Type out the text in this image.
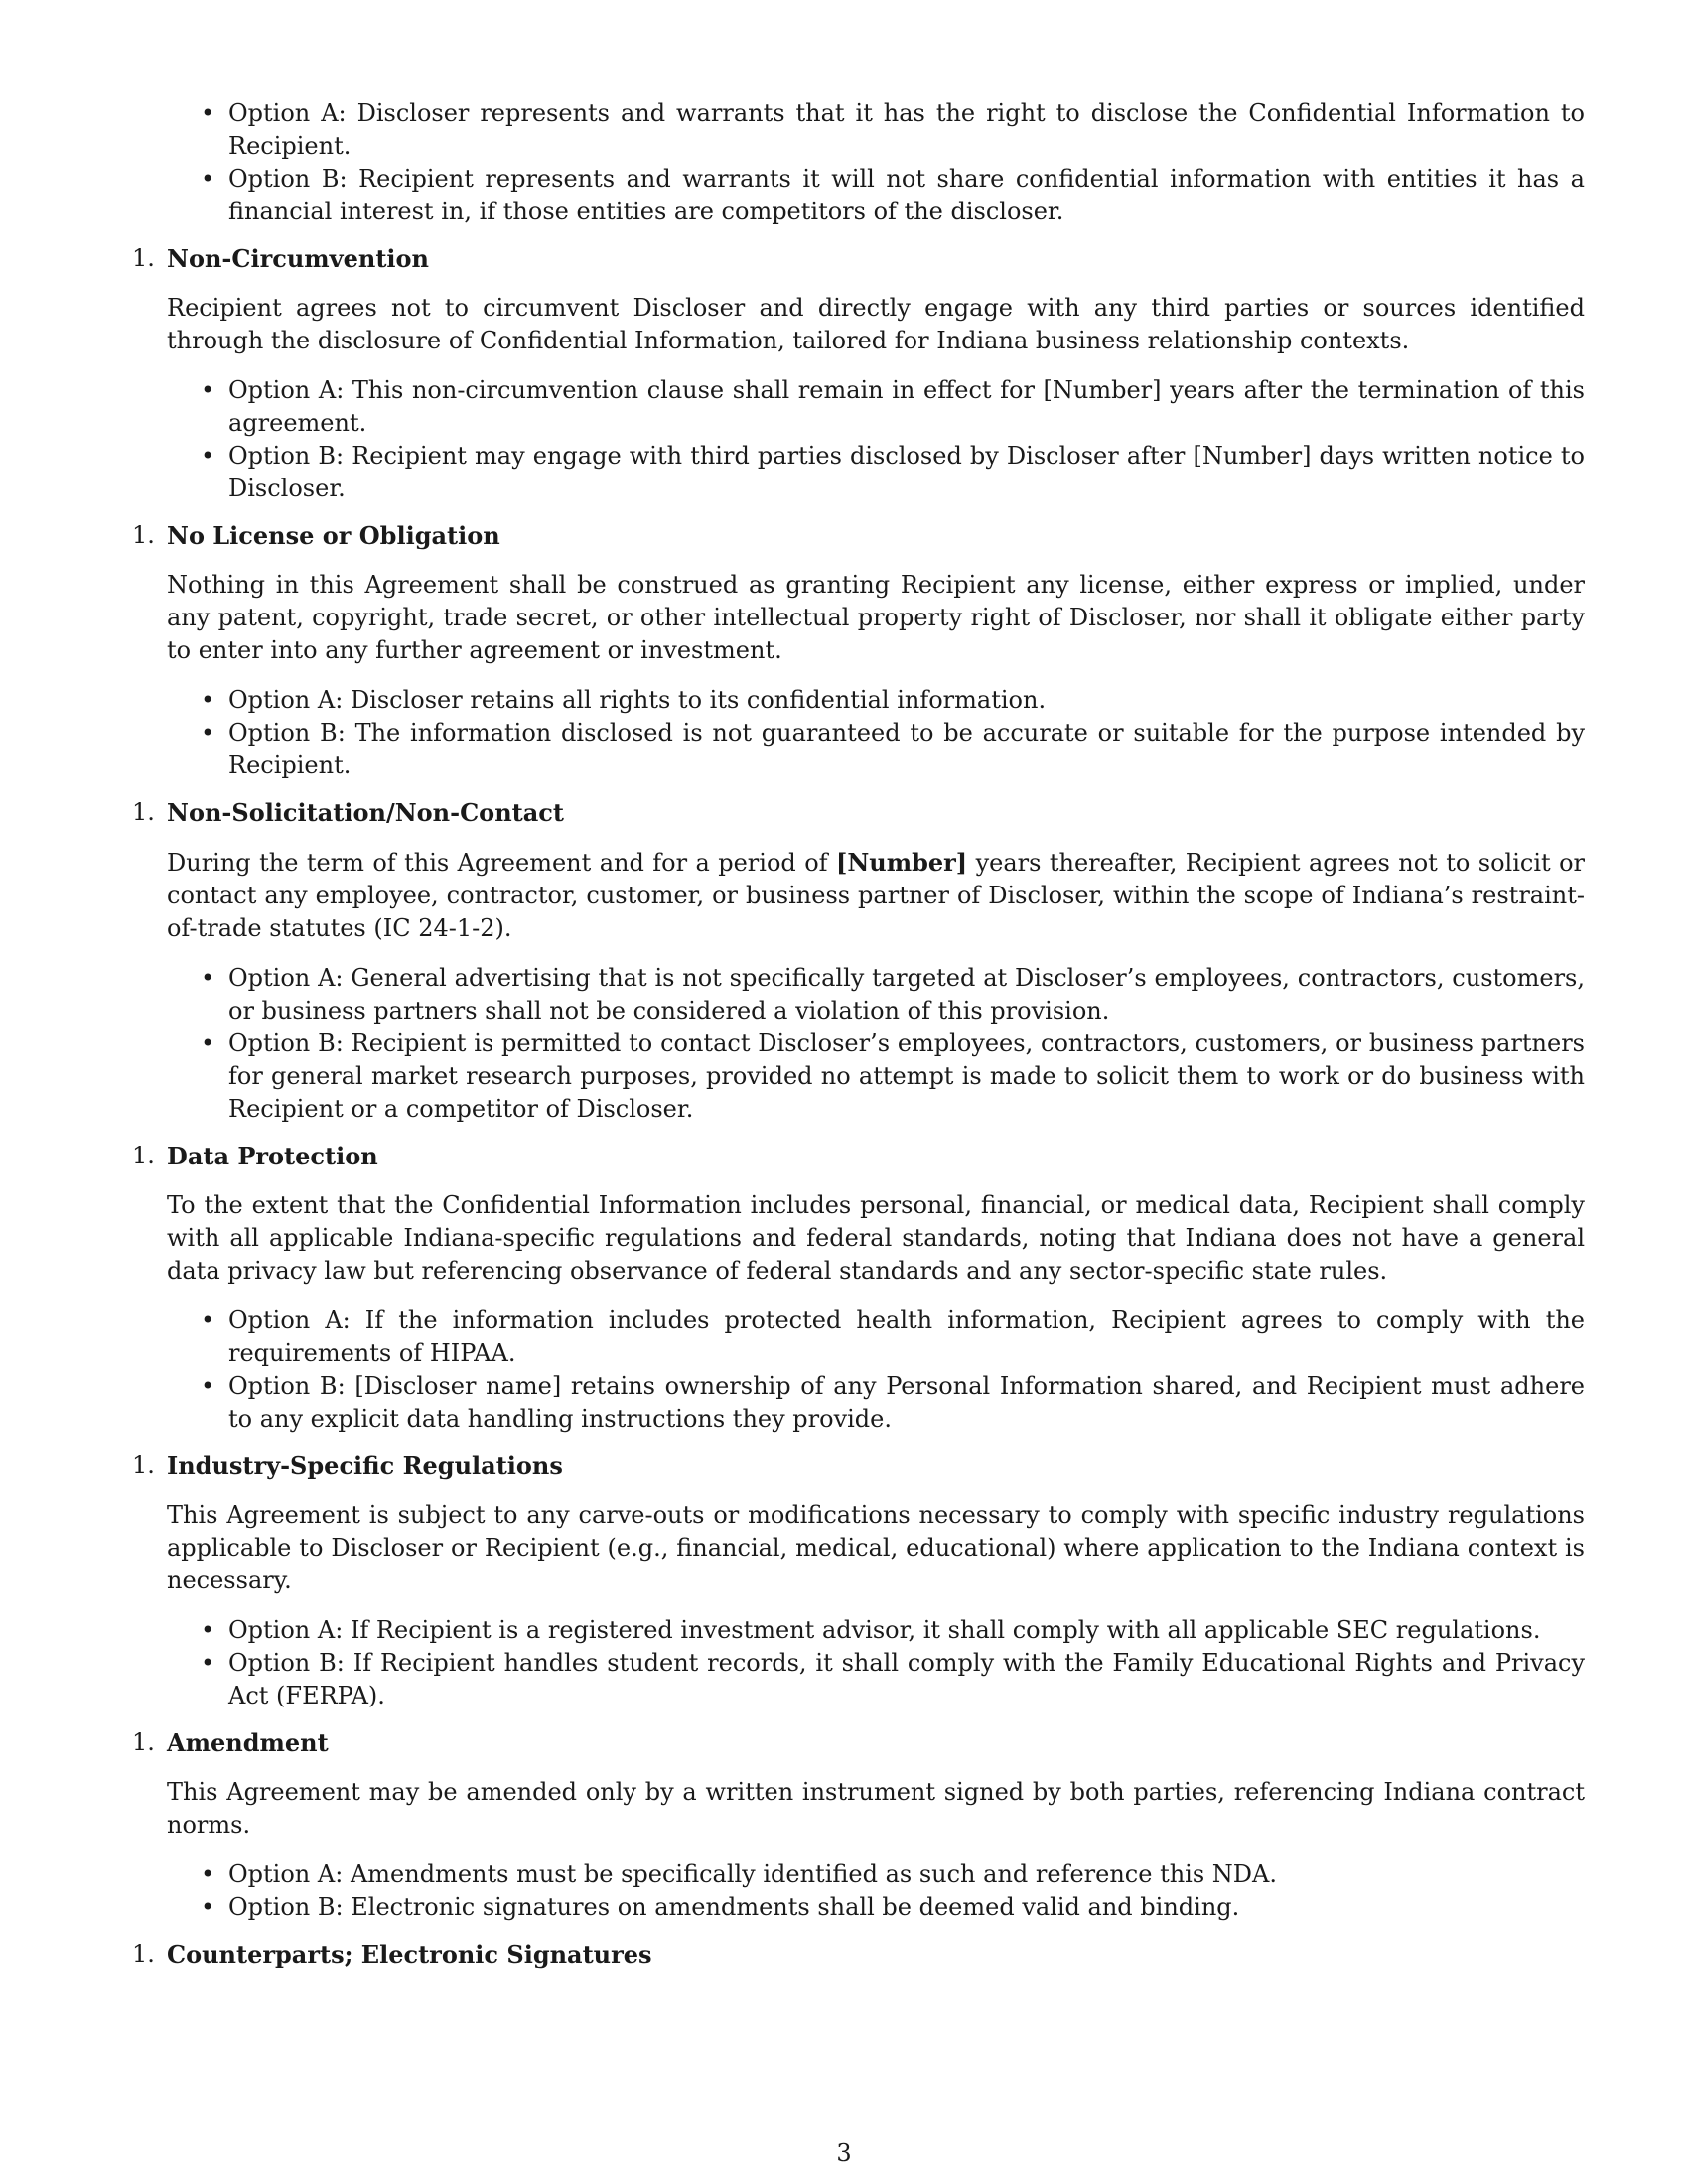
• Option A: Discloser represents and warrants that it has the right to disclose the Confidential Information to Recipient.
• Option B: Recipient represents and warrants it will not share confidential information with entities it has a financial interest in, if those entities are competitors of the discloser.

1. Non-Circumvention

Recipient agrees not to circumvent Discloser and directly engage with any third parties or sources identified through the disclosure of Confidential Information, tailored for Indiana business relationship contexts.

• Option A: This non-circumvention clause shall remain in effect for [Number] years after the termination of this agreement.
• Option B: Recipient may engage with third parties disclosed by Discloser after [Number] days written notice to Discloser.

1. No License or Obligation

Nothing in this Agreement shall be construed as granting Recipient any license, either express or implied, under any patent, copyright, trade secret, or other intellectual property right of Discloser, nor shall it obligate either party to enter into any further agreement or investment.

• Option A: Discloser retains all rights to its confidential information.
• Option B: The information disclosed is not guaranteed to be accurate or suitable for the purpose intended by Recipient.

1. Non-Solicitation/Non-Contact

During the term of this Agreement and for a period of [Number] years thereafter, Recipient agrees not to solicit or contact any employee, contractor, customer, or business partner of Discloser, within the scope of Indiana’s restraint-of-trade statutes (IC 24-1-2).

• Option A: General advertising that is not specifically targeted at Discloser’s employees, contractors, customers, or business partners shall not be considered a violation of this provision.
• Option B: Recipient is permitted to contact Discloser’s employees, contractors, customers, or business partners for general market research purposes, provided no attempt is made to solicit them to work or do business with Recipient or a competitor of Discloser.

1. Data Protection

To the extent that the Confidential Information includes personal, financial, or medical data, Recipient shall comply with all applicable Indiana-specific regulations and federal standards, noting that Indiana does not have a general data privacy law but referencing observance of federal standards and any sector-specific state rules.

• Option A: If the information includes protected health information, Recipient agrees to comply with the requirements of HIPAA.
• Option B: [Discloser name] retains ownership of any Personal Information shared, and Recipient must adhere to any explicit data handling instructions they provide.

1. Industry-Specific Regulations

This Agreement is subject to any carve-outs or modifications necessary to comply with specific industry regulations applicable to Discloser or Recipient (e.g., financial, medical, educational) where application to the Indiana context is necessary.

• Option A: If Recipient is a registered investment advisor, it shall comply with all applicable SEC regulations.
• Option B: If Recipient handles student records, it shall comply with the Family Educational Rights and Privacy Act (FERPA).

1. Amendment

This Agreement may be amended only by a written instrument signed by both parties, referencing Indiana contract norms.

• Option A: Amendments must be specifically identified as such and reference this NDA.
• Option B: Electronic signatures on amendments shall be deemed valid and binding.

1. Counterparts; Electronic Signatures

3
